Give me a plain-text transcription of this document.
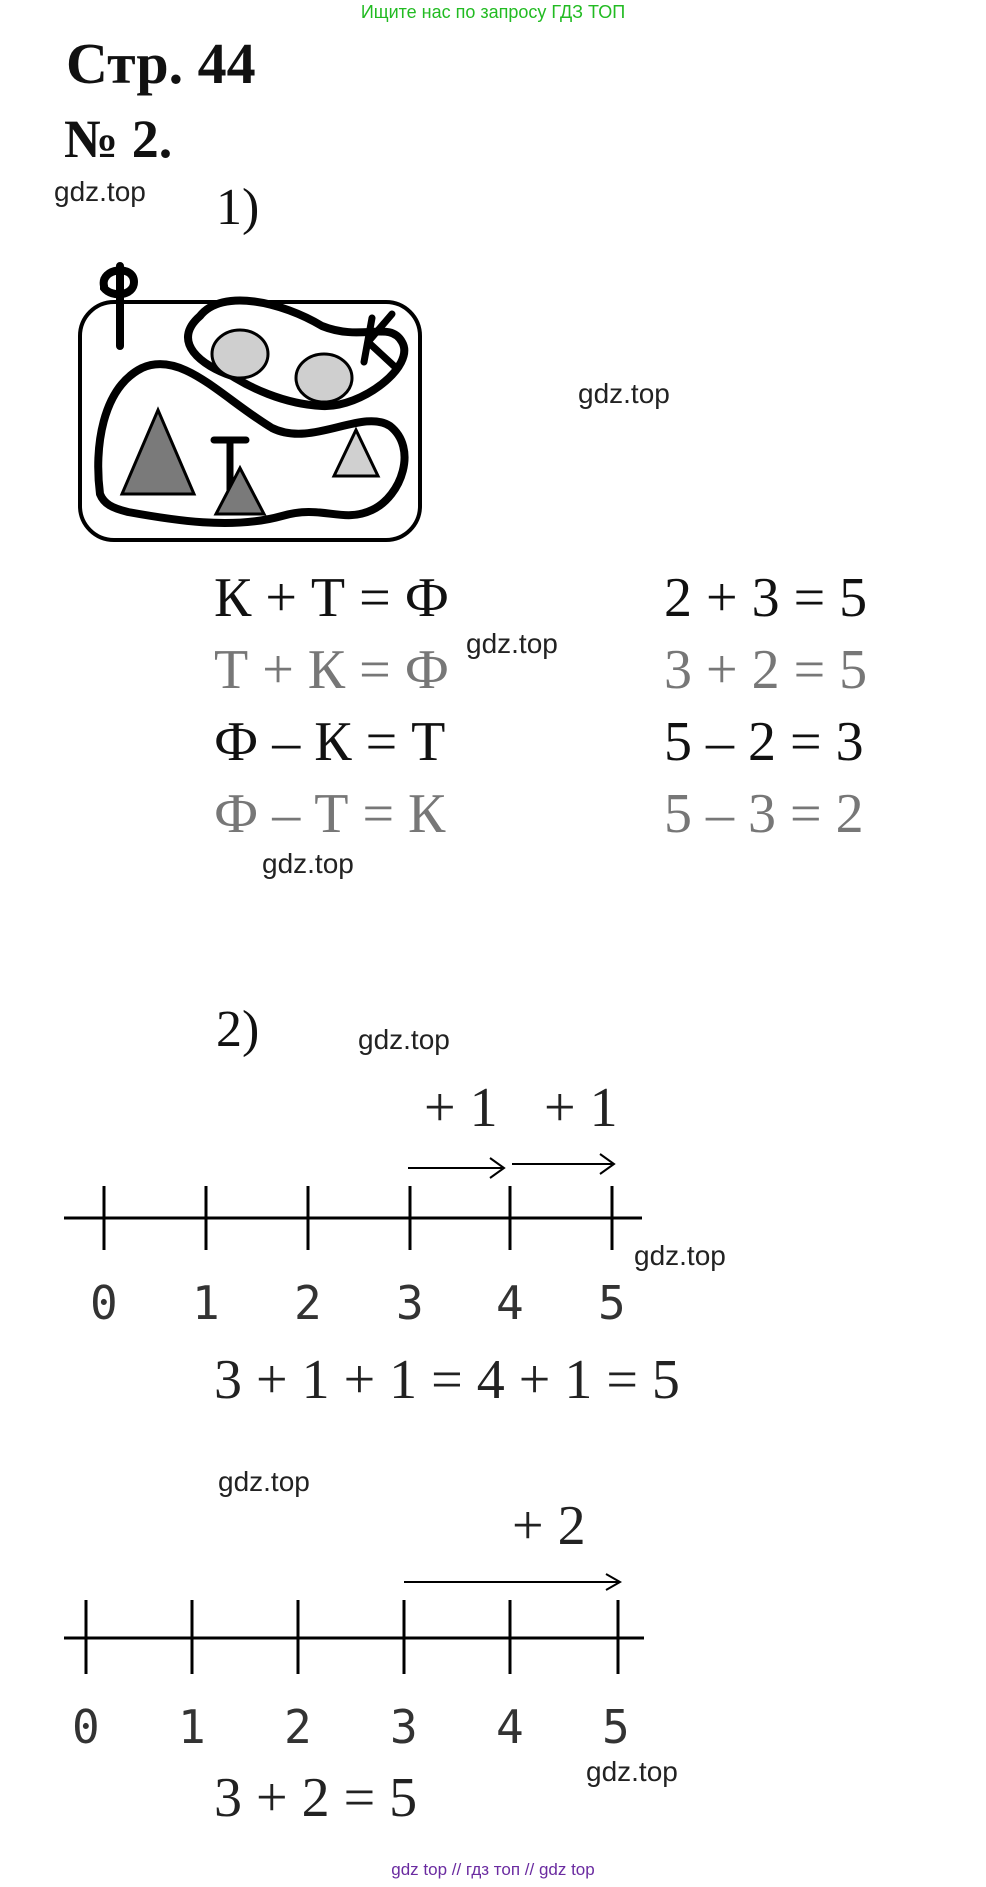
Ищите нас по запросу ГДЗ ТОП
Стр. 44
№ 2.
gdz.top
gdz.top
gdz.top
gdz.top
gdz.top
gdz.top
gdz.top
gdz.top
1)
К + Т = Ф
Т + К = Ф
Ф – К = Т
Ф – Т = К
2 + 3 = 5
3 + 2 = 5
5 – 2 = 3
5 – 3 = 2
2)
+ 1 + 1
0 1 2 3 4 5
3 + 1 + 1 = 4 + 1 = 5
+ 2
0 1 2 3 4 5
3 + 2 = 5
gdz top // гдз топ // gdz top
